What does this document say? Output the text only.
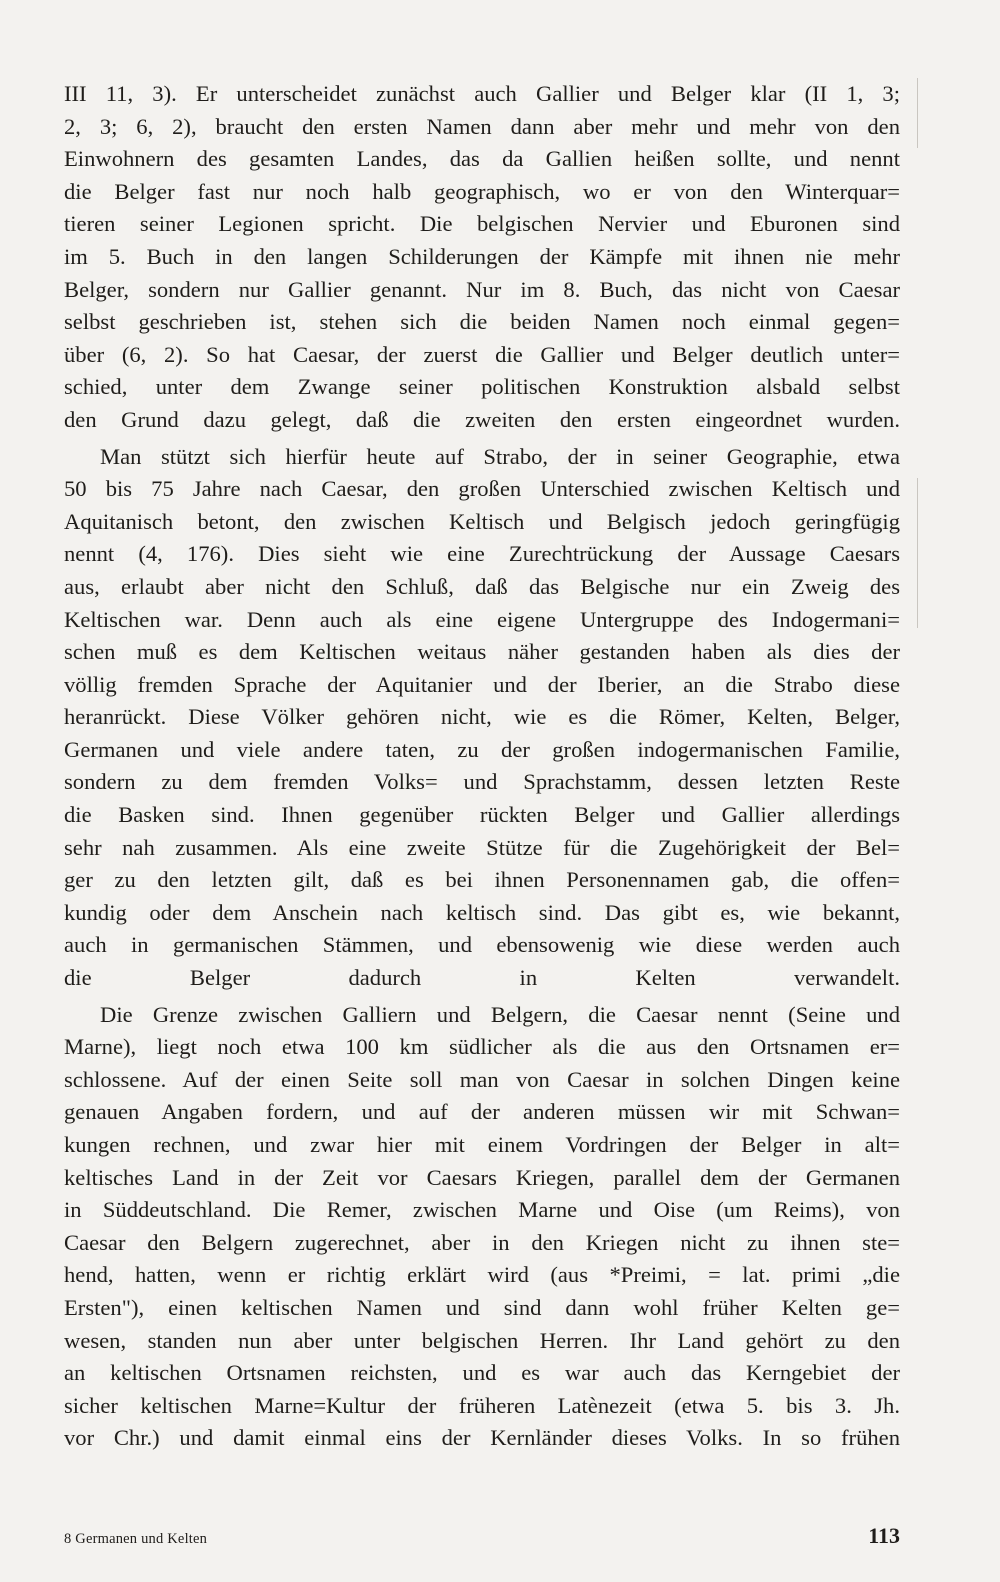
III 11, 3). Er unterscheidet zunächst auch Gallier und Belger klar (II 1, 3;
2, 3; 6, 2), braucht den ersten Namen dann aber mehr und mehr von den
Einwohnern des gesamten Landes, das da Gallien heißen sollte, und nennt
die Belger fast nur noch halb geographisch, wo er von den Winterquar=
tieren seiner Legionen spricht. Die belgischen Nervier und Eburonen sind
im 5. Buch in den langen Schilderungen der Kämpfe mit ihnen nie mehr
Belger, sondern nur Gallier genannt. Nur im 8. Buch, das nicht von Caesar
selbst geschrieben ist, stehen sich die beiden Namen noch einmal gegen=
über (6, 2). So hat Caesar, der zuerst die Gallier und Belger deutlich unter=
schied, unter dem Zwange seiner politischen Konstruktion alsbald selbst
den Grund dazu gelegt, daß die zweiten den ersten eingeordnet wurden.

Man stützt sich hierfür heute auf Strabo, der in seiner Geographie, etwa
50 bis 75 Jahre nach Caesar, den großen Unterschied zwischen Keltisch und
Aquitanisch betont, den zwischen Keltisch und Belgisch jedoch geringfügig
nennt (4, 176). Dies sieht wie eine Zurechtrückung der Aussage Caesars
aus, erlaubt aber nicht den Schluß, daß das Belgische nur ein Zweig des
Keltischen war. Denn auch als eine eigene Untergruppe des Indogermani=
schen muß es dem Keltischen weitaus näher gestanden haben als dies der
völlig fremden Sprache der Aquitanier und der Iberier, an die Strabo diese
heranrückt. Diese Völker gehören nicht, wie es die Römer, Kelten, Belger,
Germanen und viele andere taten, zu der großen indogermanischen Familie,
sondern zu dem fremden Volks= und Sprachstamm, dessen letzten Reste
die Basken sind. Ihnen gegenüber rückten Belger und Gallier allerdings
sehr nah zusammen. Als eine zweite Stütze für die Zugehörigkeit der Bel=
ger zu den letzten gilt, daß es bei ihnen Personennamen gab, die offen=
kundig oder dem Anschein nach keltisch sind. Das gibt es, wie bekannt,
auch in germanischen Stämmen, und ebensowenig wie diese werden auch
die Belger dadurch in Kelten verwandelt.

Die Grenze zwischen Galliern und Belgern, die Caesar nennt (Seine und
Marne), liegt noch etwa 100 km südlicher als die aus den Ortsnamen er=
schlossene. Auf der einen Seite soll man von Caesar in solchen Dingen keine
genauen Angaben fordern, und auf der anderen müssen wir mit Schwan=
kungen rechnen, und zwar hier mit einem Vordringen der Belger in alt=
keltisches Land in der Zeit vor Caesars Kriegen, parallel dem der Germanen
in Süddeutschland. Die Remer, zwischen Marne und Oise (um Reims), von
Caesar den Belgern zugerechnet, aber in den Kriegen nicht zu ihnen ste=
hend, hatten, wenn er richtig erklärt wird (aus *Preimi, = lat. primi „die
Ersten"), einen keltischen Namen und sind dann wohl früher Kelten ge=
wesen, standen nun aber unter belgischen Herren. Ihr Land gehört zu den
an keltischen Ortsnamen reichsten, und es war auch das Kerngebiet der
sicher keltischen Marne=Kultur der früheren Latènezeit (etwa 5. bis 3. Jh.
vor Chr.) und damit einmal eins der Kernländer dieses Volks. In so frühen

8 Germanen und Kelten	113
